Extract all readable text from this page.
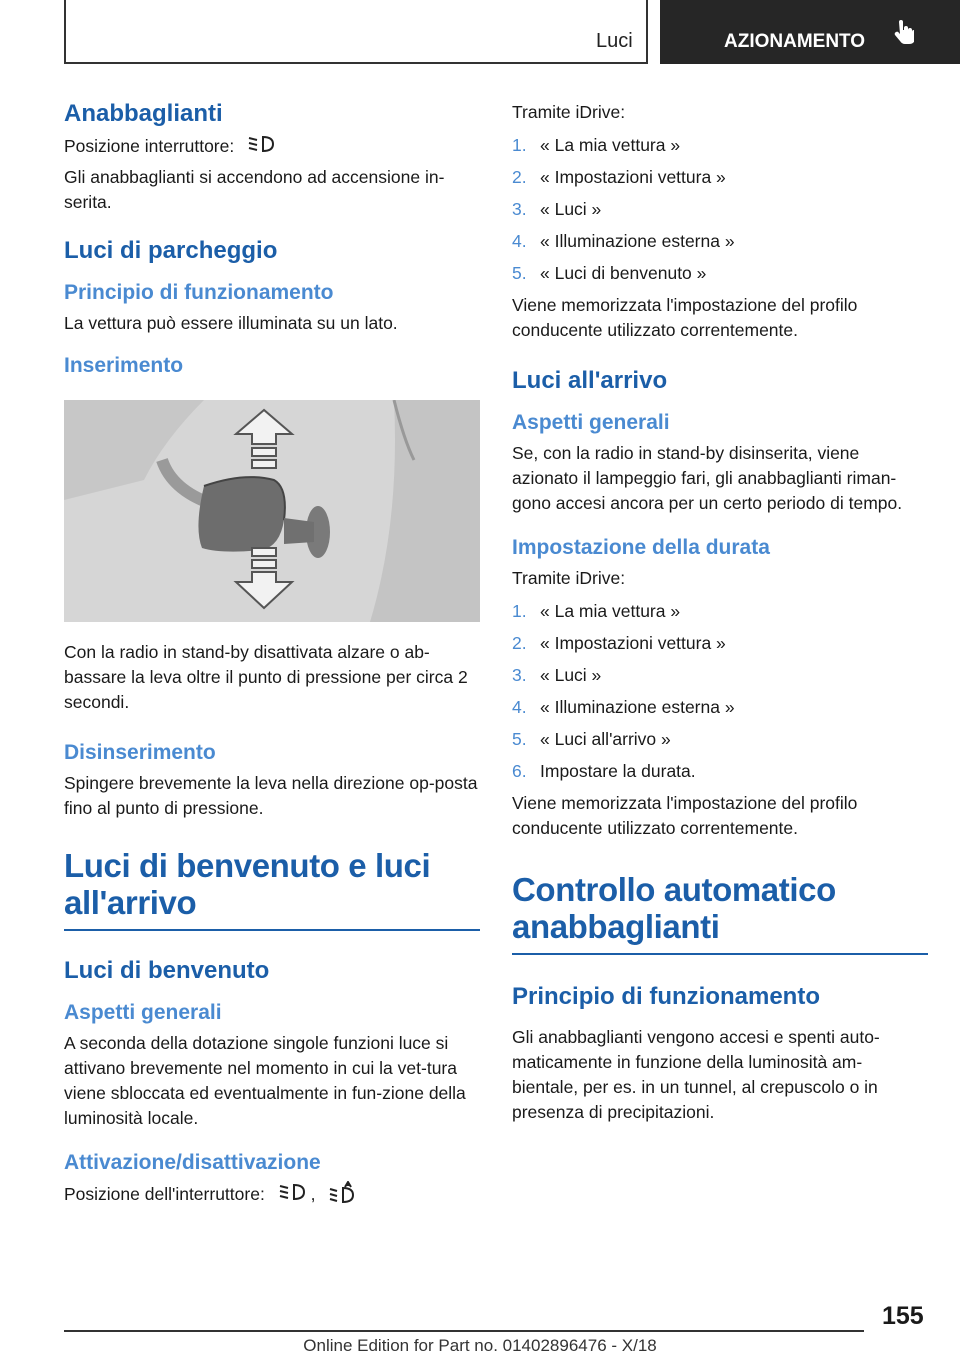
Luci	AZIONAMENTO
Anabbaglianti

Posizione interruttore:

Gli anabbaglianti si accendono ad accensione in-serita.

Luci di parcheggio
Principio di funzionamento

La vettura può essere illuminata su un lato.

Inserimento

Con la radio in stand-by disattivata alzare o ab-bassare la leva oltre il punto di pressione per circa 2 secondi.

Disinserimento

Spingere brevemente la leva nella direzione op-posta fino al punto di pressione.

Luci di benvenuto e luci all'arrivo
Luci di benvenuto
Aspetti generali

A seconda della dotazione singole funzioni luce si attivano brevemente nel momento in cui la vet-tura viene sbloccata ed eventualmente in fun-zione della luminosità locale.

Attivazione/disattivazione

Posizione dell'interruttore:	,

Tramite iDrive:

1. « La mia vettura »
2. « Impostazioni vettura »
3. « Luci »
4. « Illuminazione esterna »
5. « Luci di benvenuto »

Viene memorizzata l'impostazione del profilo conducente utilizzato correntemente.

Luci all'arrivo
Aspetti generali

Se, con la radio in stand-by disinserita, viene azionato il lampeggio fari, gli anabbaglianti riman-gono accesi ancora per un certo periodo di tempo.

Impostazione della durata

Tramite iDrive:

1. « La mia vettura »
2. « Impostazioni vettura »
3. « Luci »
4. « Illuminazione esterna »
5. « Luci all'arrivo »
6. Impostare la durata.

Viene memorizzata l'impostazione del profilo conducente utilizzato correntemente.

Controllo automatico anabbaglianti
Principio di funzionamento

Gli anabbaglianti vengono accesi e spenti auto-maticamente in funzione della luminosità am-bientale, per es. in un tunnel, al crepuscolo o in presenza di precipitazioni.

155
Online Edition for Part no. 01402896476 - X/18
